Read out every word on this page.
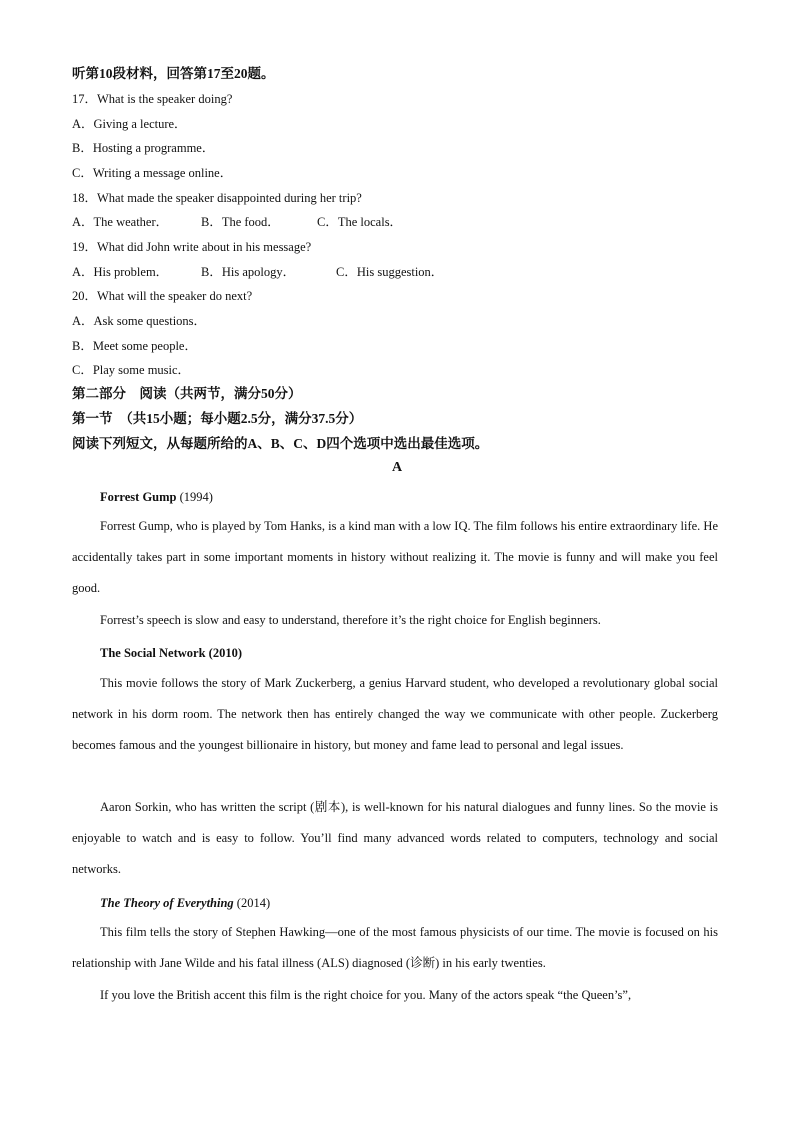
听第10段材料，回答第17至20题。
17．What is the speaker doing?
A．Giving a lecture．
B．Hosting a programme．
C．Writing a message online．
18．What made the speaker disappointed during her trip?
A．The weather．	B．The food．	C．The locals．
19．What did John write about in his message?
A．His problem．	B．His apology．	C．His suggestion．
20．What will the speaker do next?
A．Ask some questions．
B．Meet some people．
C．Play some music．
第二部分　阅读（共两节，满分50分）
第一节　（共15小题；每小题2.5分，满分37.5分）
阅读下列短文，从每题所给的A、B、C、D四个选项中选出最佳选项。
A
Forrest Gump (1994)

Forrest Gump, who is played by Tom Hanks, is a kind man with a low IQ. The film follows his entire extraordinary life. He accidentally takes part in some important moments in history without realizing it. The movie is funny and will make you feel good.

Forrest’s speech is slow and easy to understand, therefore it’s the right choice for English beginners.

The Social Network (2010)

This movie follows the story of Mark Zuckerberg, a genius Harvard student, who developed a revolutionary global social network in his dorm room. The network then has entirely changed the way we communicate with other people. Zuckerberg becomes famous and the youngest billionaire in history, but money and fame lead to personal and legal issues.

Aaron Sorkin, who has written the script (剧本), is well-known for his natural dialogues and funny lines. So the movie is enjoyable to watch and is easy to follow. You’ll find many advanced words related to computers, technology and social networks.

The Theory of Everything (2014)

This film tells the story of Stephen Hawking—one of the most famous physicists of our time. The movie is focused on his relationship with Jane Wilde and his fatal illness (ALS) diagnosed (诊断) in his early twenties.

If you love the British accent this film is the right choice for you. Many of the actors speak “the Queen’s”,
